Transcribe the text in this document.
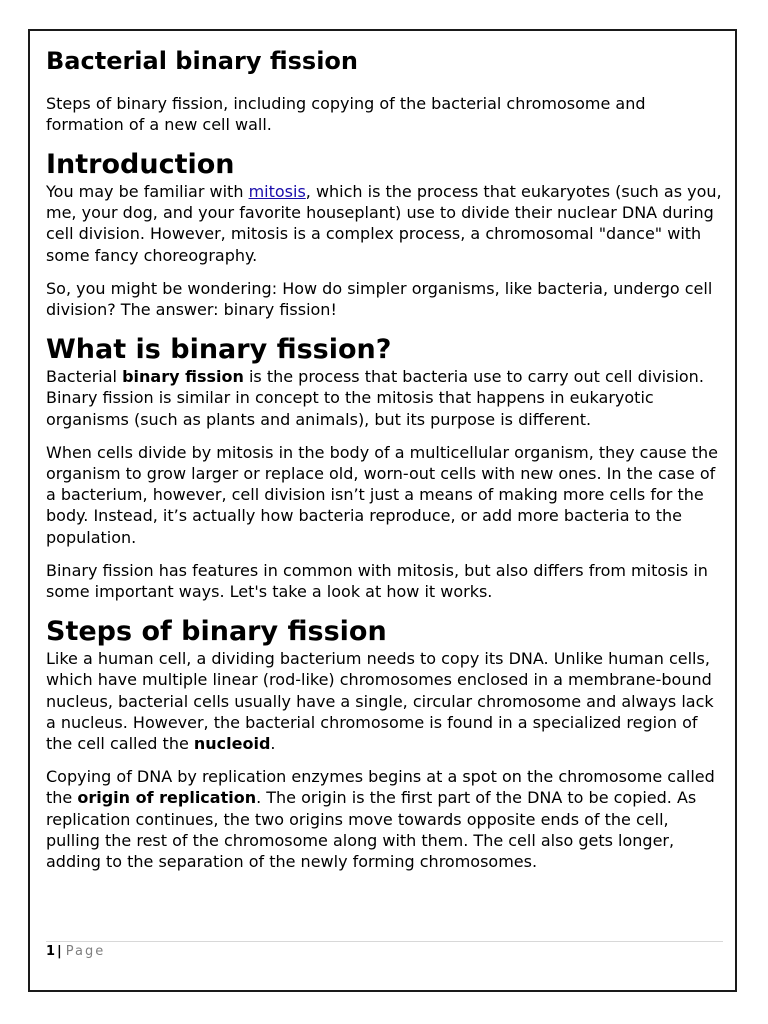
Bacterial binary fission

Steps of binary fission, including copying of the bacterial chromosome and formation of a new cell wall.

Introduction

You may be familiar with mitosis, which is the process that eukaryotes (such as you, me, your dog, and your favorite houseplant) use to divide their nuclear DNA during cell division. However, mitosis is a complex process, a chromosomal "dance" with some fancy choreography.

So, you might be wondering: How do simpler organisms, like bacteria, undergo cell division? The answer: binary fission!

What is binary fission?

Bacterial binary fission is the process that bacteria use to carry out cell division. Binary fission is similar in concept to the mitosis that happens in eukaryotic organisms (such as plants and animals), but its purpose is different.

When cells divide by mitosis in the body of a multicellular organism, they cause the organism to grow larger or replace old, worn-out cells with new ones. In the case of a bacterium, however, cell division isn’t just a means of making more cells for the body. Instead, it’s actually how bacteria reproduce, or add more bacteria to the population.

Binary fission has features in common with mitosis, but also differs from mitosis in some important ways. Let's take a look at how it works.

Steps of binary fission

Like a human cell, a dividing bacterium needs to copy its DNA. Unlike human cells, which have multiple linear (rod-like) chromosomes enclosed in a membrane-bound nucleus, bacterial cells usually have a single, circular chromosome and always lack a nucleus. However, the bacterial chromosome is found in a specialized region of the cell called the nucleoid.

Copying of DNA by replication enzymes begins at a spot on the chromosome called the origin of replication. The origin is the first part of the DNA to be copied. As replication continues, the two origins move towards opposite ends of the cell, pulling the rest of the chromosome along with them. The cell also gets longer, adding to the separation of the newly forming chromosomes.

1 | Page
